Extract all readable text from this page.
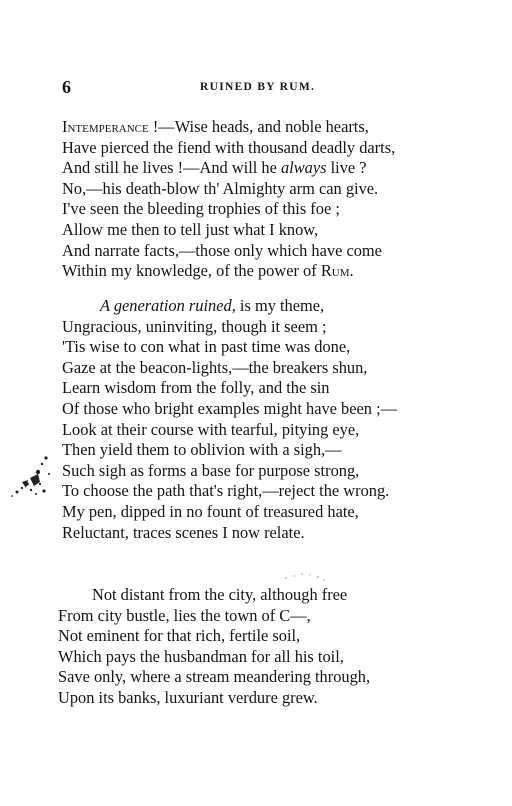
6	RUINED BY RUM.
Intemperance !—Wise heads, and noble hearts,
Have pierced the fiend with thousand deadly darts,
And still he lives !—And will he always live ?
No,—his death-blow th' Almighty arm can give.
I've seen the bleeding trophies of this foe ;
Allow me then to tell just what I know,
And narrate facts,—those only which have come
Within my knowledge, of the power of Rum.
A generation ruined, is my theme,
Ungracious, uninviting, though it seem ;
'Tis wise to con what in past time was done,
Gaze at the beacon-lights,—the breakers shun,
Learn wisdom from the folly, and the sin
Of those who bright examples might have been ;—
Look at their course with tearful, pitying eye,
Then yield them to oblivion with a sigh,—
Such sigh as forms a base for purpose strong,
To choose the path that's right,—reject the wrong.
My pen, dipped in no fount of treasured hate,
Reluctant, traces scenes I now relate.
Not distant from the city, although free
From city bustle, lies the town of C—,
Not eminent for that rich, fertile soil,
Which pays the husbandman for all his toil,
Save only, where a stream meandering through,
Upon its banks, luxuriant verdure grew.
